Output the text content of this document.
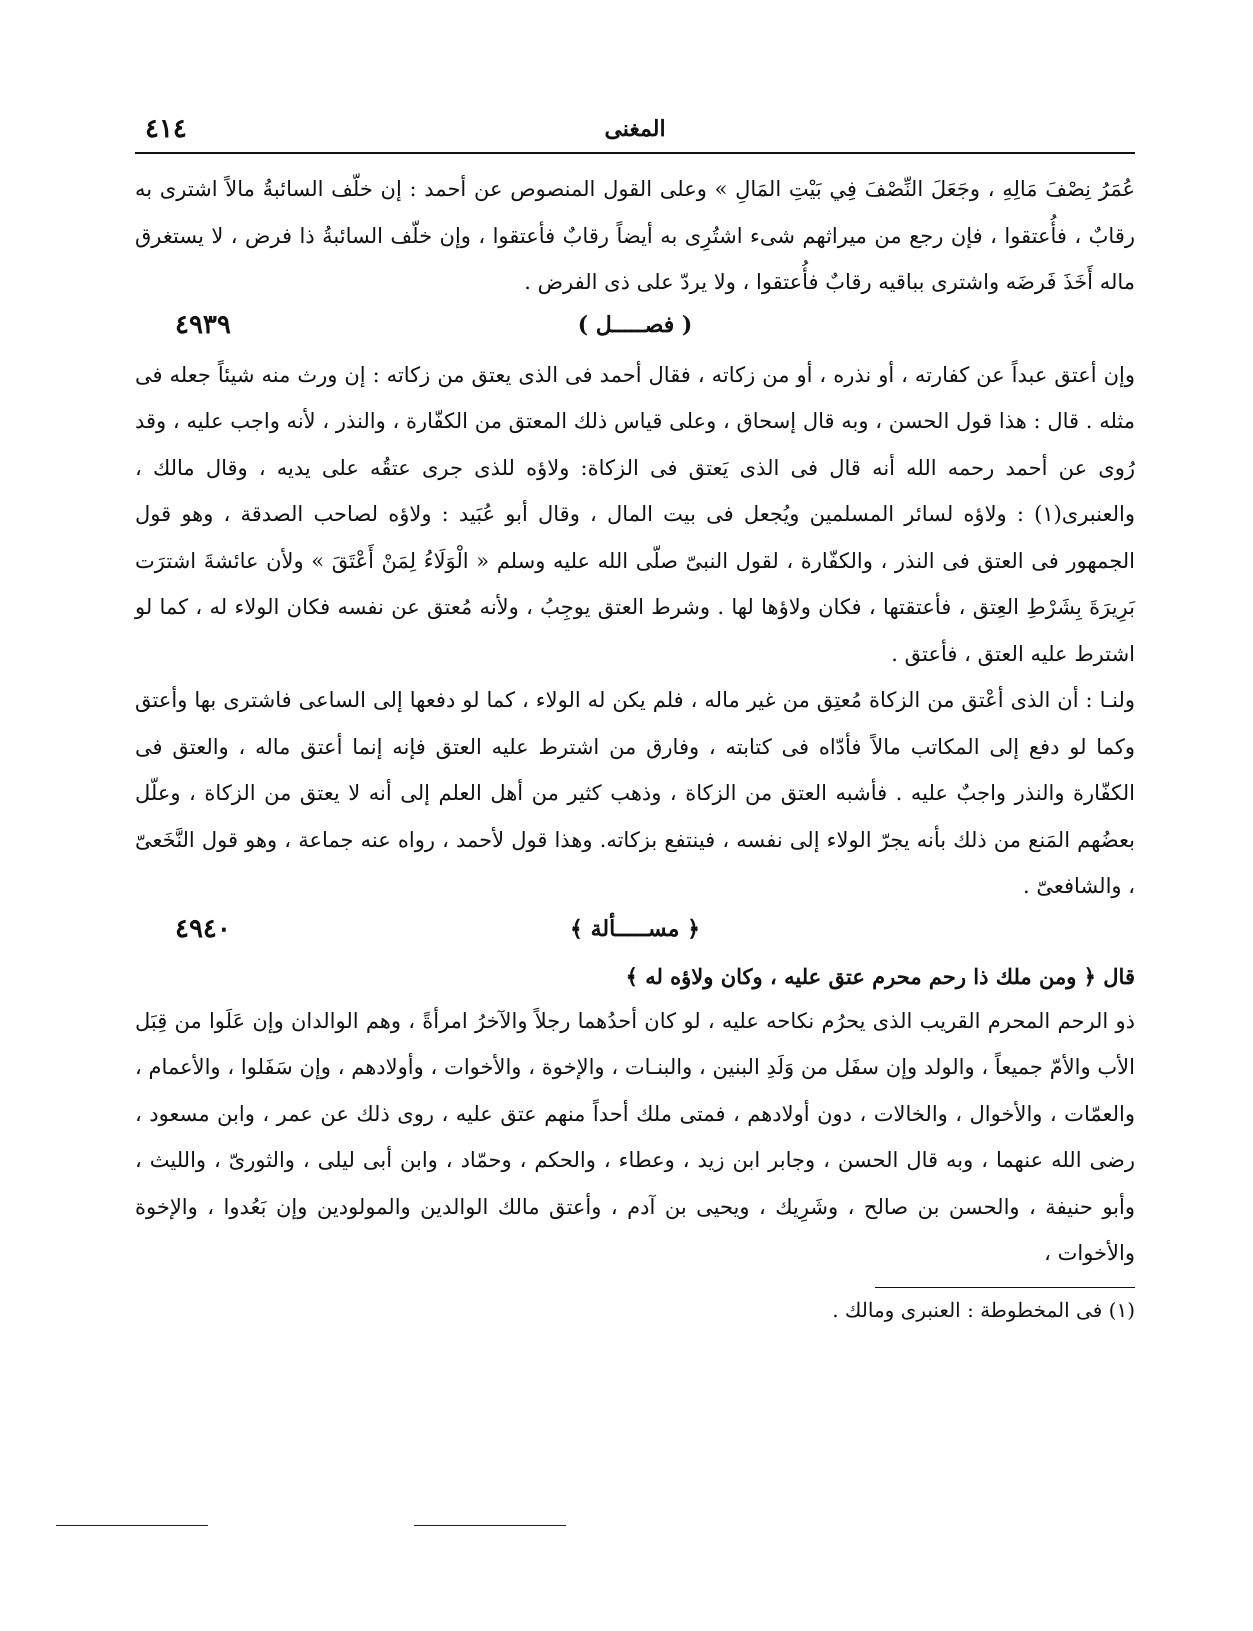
٤١٤	المغنى

عُمَرُ نِصْفَ مَالِهِ ، وجَعَلَ النِّصْفَ فِي بَيْتِ المَالِ » وعلى القول المنصوص عن أحمد : إن خلّف السائبةُ مالاً اشترى به رقابٌ ، فأُعتقوا ، فإن رجع من ميراثهم شىء اشتُرِى به أيضاً رقابٌ فأعتقوا ، وإن خلّف السائبةُ ذا فرض ، لا يستغرق ماله أَخَذَ فَرضَه واشترى بباقيه رقابٌ فأُعتقوا ، ولا يردّ على ذى الفرض .

٤٩٣٩	( فصـــــل )

وإن أعتق عبداً عن كفارته ، أو نذره ، أو من زكاته ، فقال أحمد فى الذى يعتق من زكاته : إن ورث منه شيئاً جعله فى مثله . قال : هذا قول الحسن ، وبه قال إسحاق ، وعلى قياس ذلك المعتق من الكفّارة ، والنذر ، لأنه واجب عليه ، وقد رُوى عن أحمد رحمه الله أنه قال فى الذى يَعتق فى الزكاة: ولاؤه للذى جرى عتقُه على يديه ، وقال مالك ، والعنبرى(١) : ولاؤه لسائر المسلمين ويُجعل فى بيت المال ، وقال أبو عُبَيد : ولاؤه لصاحب الصدقة ، وهو قول الجمهور فى العتق فى النذر ، والكفّارة ، لقول النبىّ صلّى الله عليه وسلم « الْوَلَاءُ لِمَنْ أَعْتَقَ » ولأن عائشةَ اشترَت بَرِيرَةَ بِشَرْطِ العِتق ، فأعتقتها ، فكان ولاؤها لها . وشرط العتق يوجِبُ ، ولأنه مُعتق عن نفسه فكان الولاء له ، كما لو اشترط عليه العتق ، فأعتق .

ولنـا : أن الذى أعْتق من الزكاة مُعتِق من غير ماله ، فلم يكن له الولاء ، كما لو دفعها إلى الساعى فاشترى بها وأعتق وكما لو دفع إلى المكاتب مالاً فأدّاه فى كتابته ، وفارق من اشترط عليه العتق فإنه إنما أعتق ماله ، والعتق فى الكفّارة والنذر واجبٌ عليه . فأشبه العتق من الزكاة ، وذهب كثير من أهل العلم إلى أنه لا يعتق من الزكاة ، وعلّل بعضُهم المَنع من ذلك بأنه يجرّ الولاء إلى نفسه ، فينتفع بزكاته. وهذا قول لأحمد ، رواه عنه جماعة ، وهو قول النَّخَعىّ ، والشافعىّ .

٤٩٤٠	﴿ مســـــألة ﴾

قال ﴿ ومن ملك ذا رحم محرم عتق عليه ، وكان ولاؤه له ﴾

ذو الرحم المحرم القريب الذى يحرُم نكاحه عليه ، لو كان أحدُهما رجلاً والآخرُ امرأةً ، وهم الوالدان وإن عَلَوا من قِبَل الأب والأمّ جميعاً ، والولد وإن سفَل من وَلَدِ البنين ، والبنـات ، والإخوة ، والأخوات ، وأولادهم ، وإن سَفَلوا ، والأعمام ، والعمّات ، والأخوال ، والخالات ، دون أولادهم ، فمتى ملك أحداً منهم عتق عليه ، روى ذلك عن عمر ، وابن مسعود ، رضى الله عنهما ، وبه قال الحسن ، وجابر ابن زيد ، وعطاء ، والحكم ، وحمّاد ، وابن أبى ليلى ، والثورىّ ، والليث ، وأبو حنيفة ، والحسن بن صالح ، وشَرِيك ، ويحيى بن آدم ، وأعتق مالك الوالدين والمولودين وإن بَعُدوا ، والإخوة والأخوات ،

(١) فى المخطوطة : العنبرى ومالك .
